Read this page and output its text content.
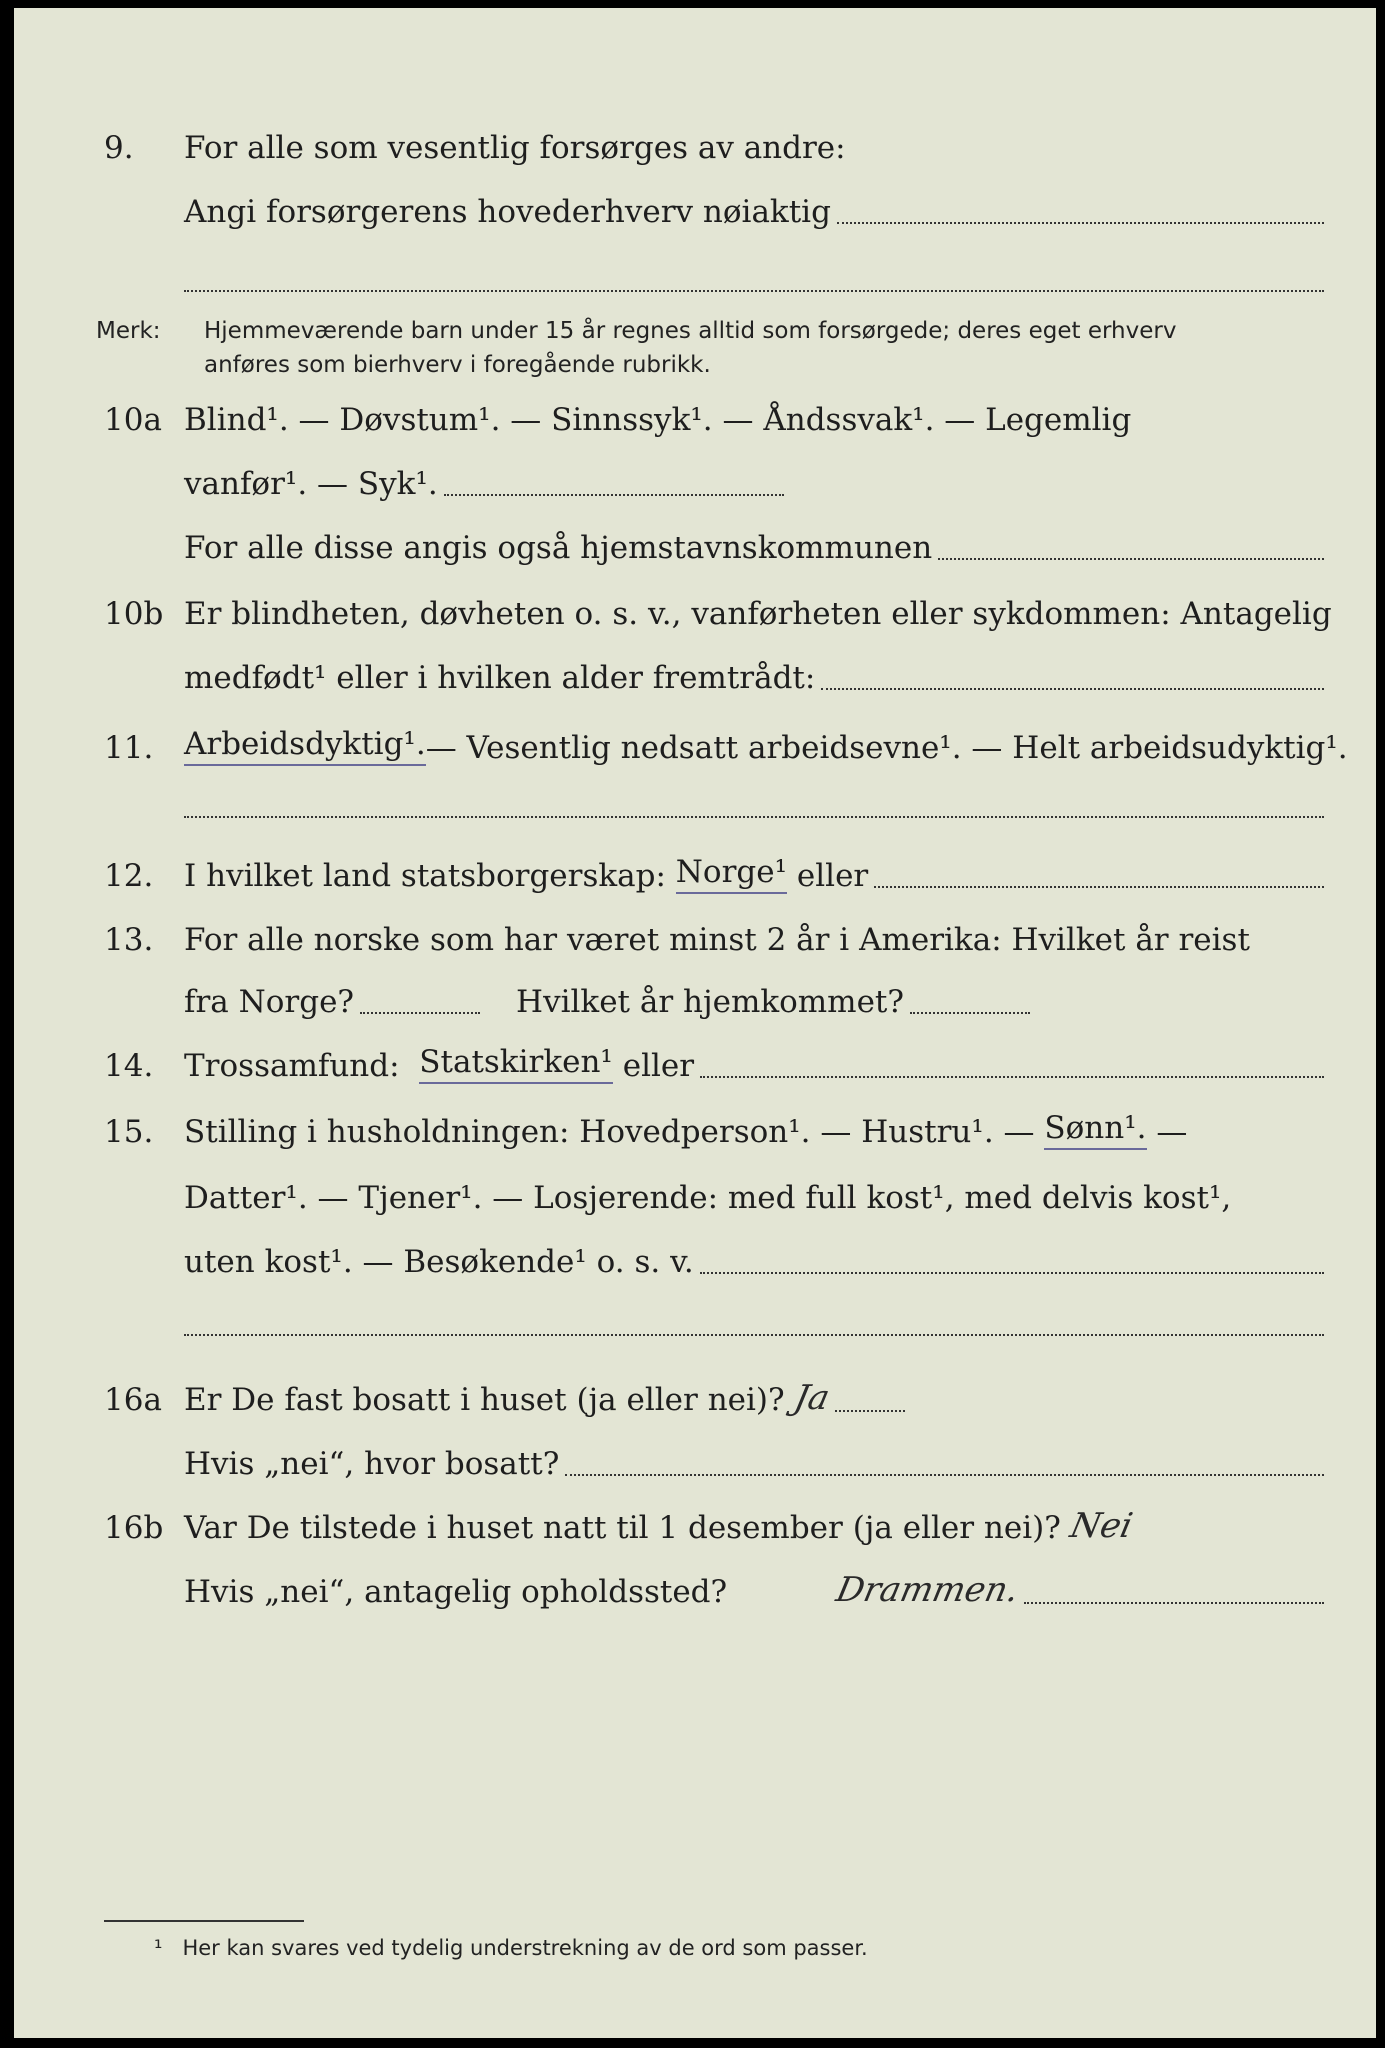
9. For alle som vesentlig forsørges av andre:
Angi forsørgerens hovederhverv nøiaktig
Merk: Hjemmeværende barn under 15 år regnes alltid som forsørgede; deres eget erhverv
anføres som bierhverv i foregående rubrikk.
10a Blind¹. — Døvstum¹. — Sinnssyk¹. — Åndssvak¹. — Legemlig
vanfør¹. — Syk¹.
For alle disse angis også hjemstavnskommunen
10b Er blindheten, døvheten o. s. v., vanførheten eller sykdommen: Antagelig
medfødt¹ eller i hvilken alder fremtrådt:
11. Arbeidsdyktig¹. — Vesentlig nedsatt arbeidsevne¹. — Helt arbeidsudyktig¹.
12. I hvilket land statsborgerskap:
Norge¹
eller
13. For alle norske som har været minst 2 år i Amerika: Hvilket år reist
fra Norge?	Hvilket år hjemkommet?
14. Trossamfund:
Statskirken¹
eller
15. Stilling i husholdningen: Hovedperson¹. — Hustru¹. —
Sønn¹.
—
Datter¹. — Tjener¹. — Losjerende: med full kost¹, med delvis kost¹,
uten kost¹. — Besøkende¹ o. s. v.
16a Er De fast bosatt i huset (ja eller nei)? Ja
Hvis „nei“, hvor bosatt?
16b Var De tilstede i huset natt til 1 desember (ja eller nei)? Nei
Hvis „nei“, antagelig opholdssted?	Drammen.
¹ Her kan svares ved tydelig understrekning av de ord som passer.
